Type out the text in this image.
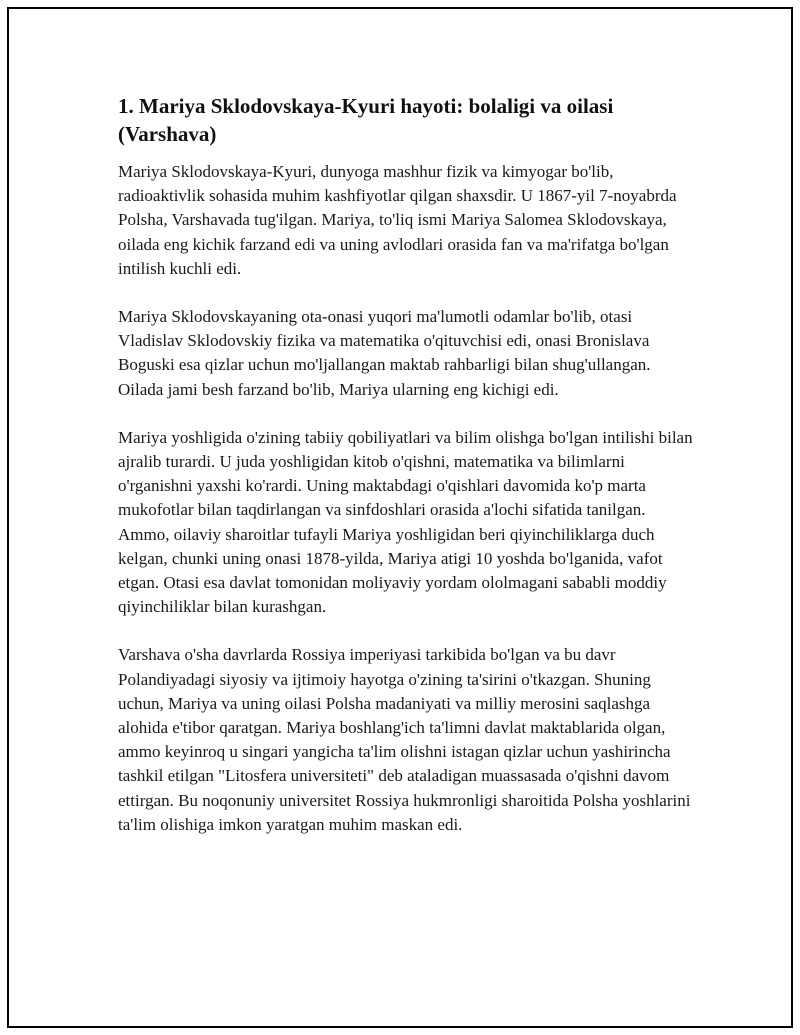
1. Mariya Sklodovskaya-Kyuri hayoti: bolaligi va oilasi (Varshava)

Mariya Sklodovskaya-Kyuri, dunyoga mashhur fizik va kimyogar bo'lib, radioaktivlik sohasida muhim kashfiyotlar qilgan shaxsdir. U 1867-yil 7-noyabrda Polsha, Varshavada tug'ilgan. Mariya, to'liq ismi Mariya Salomea Sklodovskaya, oilada eng kichik farzand edi va uning avlodlari orasida fan va ma'rifatga bo'lgan intilish kuchli edi.

Mariya Sklodovskayaning ota-onasi yuqori ma'lumotli odamlar bo'lib, otasi Vladislav Sklodovskiy fizika va matematika o'qituvchisi edi, onasi Bronislava Boguski esa qizlar uchun mo'ljallangan maktab rahbarligi bilan shug'ullangan. Oilada jami besh farzand bo'lib, Mariya ularning eng kichigi edi.

Mariya yoshligida o'zining tabiiy qobiliyatlari va bilim olishga bo'lgan intilishi bilan ajralib turardi. U juda yoshligidan kitob o'qishni, matematika va bilimlarni o'rganishni yaxshi ko'rardi. Uning maktabdagi o'qishlari davomida ko'p marta mukofotlar bilan taqdirlangan va sinfdoshlari orasida a'lochi sifatida tanilgan. Ammo, oilaviy sharoitlar tufayli Mariya yoshligidan beri qiyinchiliklarga duch kelgan, chunki uning onasi 1878-yilda, Mariya atigi 10 yoshda bo'lganida, vafot etgan. Otasi esa davlat tomonidan moliyaviy yordam ololmagani sababli moddiy qiyinchiliklar bilan kurashgan.

Varshava o'sha davrlarda Rossiya imperiyasi tarkibida bo'lgan va bu davr Polandiyadagi siyosiy va ijtimoiy hayotga o'zining ta'sirini o'tkazgan. Shuning uchun, Mariya va uning oilasi Polsha madaniyati va milliy merosini saqlashga alohida e'tibor qaratgan. Mariya boshlang'ich ta'limni davlat maktablarida olgan, ammo keyinroq u singari yangicha ta'lim olishni istagan qizlar uchun yashirincha tashkil etilgan "Litosfera universiteti" deb ataladigan muassasada o'qishni davom ettirgan. Bu noqonuniy universitet Rossiya hukmronligi sharoitida Polsha yoshlarini ta'lim olishiga imkon yaratgan muhim maskan edi.
